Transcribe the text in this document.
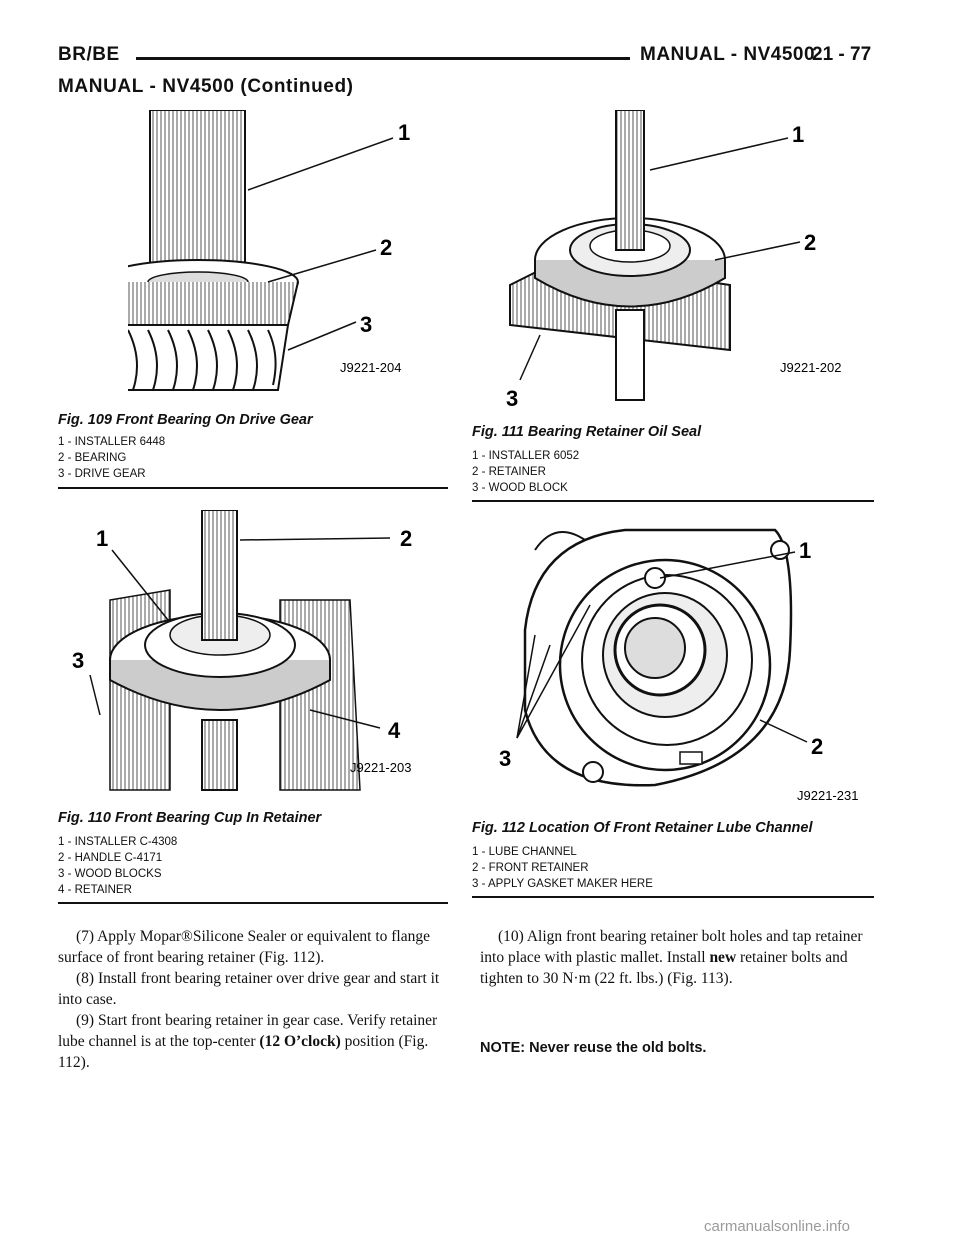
BR/BE	MANUAL - NV4500
21 - 77
MANUAL - NV4500 (Continued)
1
2
3
J9221-204
Fig. 109 Front Bearing On Drive Gear
1 - INSTALLER 6448
2 - BEARING
3 - DRIVE GEAR
1	2
3
4
J9221-203
Fig. 110 Front Bearing Cup In Retainer
1 - INSTALLER C-4308
2 - HANDLE C-4171
3 - WOOD BLOCKS
4 - RETAINER

(7) Apply Mopar®Silicone Sealer or equivalent to flange surface of front bearing retainer (Fig. 112).

(8) Install front bearing retainer over drive gear and start it into case.

(9) Start front bearing retainer in gear case. Verify retainer lube channel is at the top-center (12 O’clock) position (Fig. 112).

1
2
3
J9221-202
Fig. 111 Bearing Retainer Oil Seal
1 - INSTALLER 6052
2 - RETAINER
3 - WOOD BLOCK
1
2
3
J9221-231
Fig. 112 Location Of Front Retainer Lube Channel
1 - LUBE CHANNEL
2 - FRONT RETAINER
3 - APPLY GASKET MAKER HERE

(10) Align front bearing retainer bolt holes and tap retainer into place with plastic mallet. Install new retainer bolts and tighten to 30 N·m (22 ft. lbs.) (Fig. 113).

NOTE: Never reuse the old bolts.
carmanualsonline.info
